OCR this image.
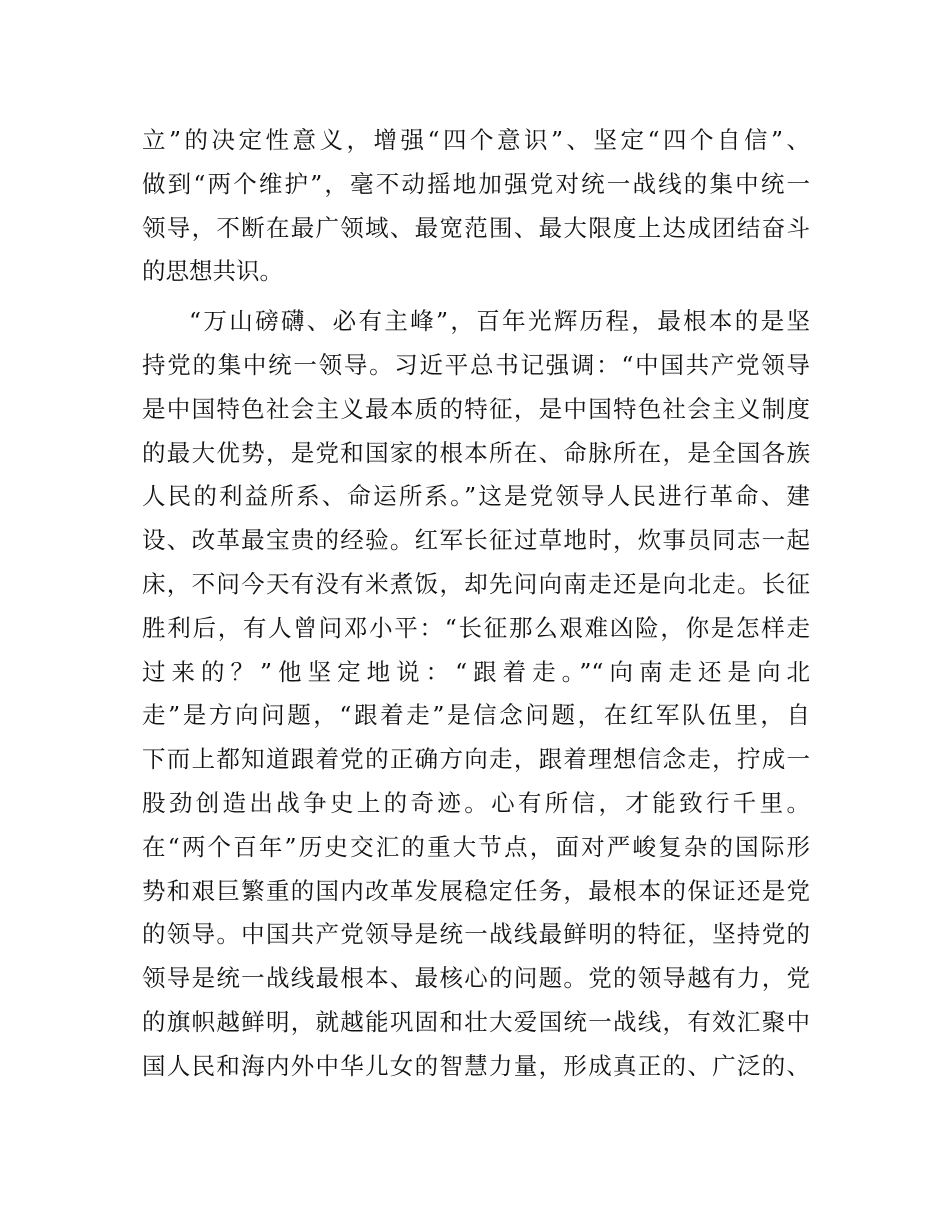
立”的决定性意义，增强“四个意识”、坚定“四个自信”、
做到“两个维护”，毫不动摇地加强党对统一战线的集中统一
领导，不断在最广领域、最宽范围、最大限度上达成团结奋斗
的思想共识。
“万山磅礴、必有主峰”，百年光辉历程，最根本的是坚
持党的集中统一领导。习近平总书记强调：“中国共产党领导
是中国特色社会主义最本质的特征，是中国特色社会主义制度
的最大优势，是党和国家的根本所在、命脉所在，是全国各族
人民的利益所系、命运所系。”这是党领导人民进行革命、建
设、改革最宝贵的经验。红军长征过草地时，炊事员同志一起
床，不问今天有没有米煮饭，却先问向南走还是向北走。长征
胜利后，有人曾问邓小平：“长征那么艰难凶险，你是怎样走
过来的？”他坚定地说：“跟着走。”“向南走还是向北
走”是方向问题，“跟着走”是信念问题，在红军队伍里，自
下而上都知道跟着党的正确方向走，跟着理想信念走，拧成一
股劲创造出战争史上的奇迹。心有所信，才能致行千里。
在“两个百年”历史交汇的重大节点，面对严峻复杂的国际形
势和艰巨繁重的国内改革发展稳定任务，最根本的保证还是党
的领导。中国共产党领导是统一战线最鲜明的特征，坚持党的
领导是统一战线最根本、最核心的问题。党的领导越有力，党
的旗帜越鲜明，就越能巩固和壮大爱国统一战线，有效汇聚中
国人民和海内外中华儿女的智慧力量，形成真正的、广泛的、
